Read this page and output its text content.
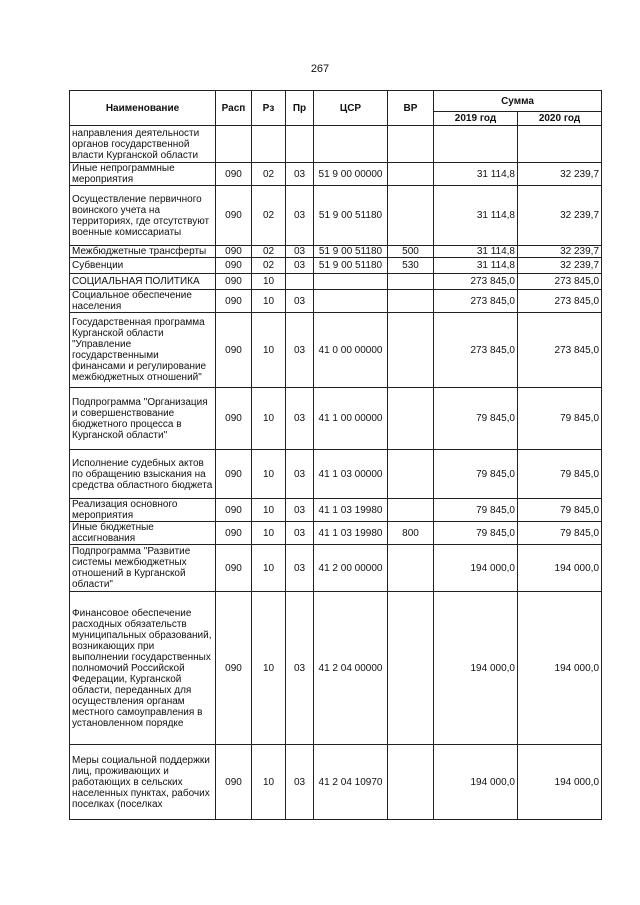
267
Наименование	Расп	Рз	Пр	ЦСР	ВР	Сумма	
						2019 год	2020 год
направления деятельности органов государственной власти Курганской области							
Иные непрограммные мероприятия	090	02	03	51 9 00 00000		31 114,8	32 239,7
Осуществление первичного воинского учета на территориях, где отсутствуют военные комиссариаты	090	02	03	51 9 00 51180		31 114,8	32 239,7
Межбюджетные трансферты	090	02	03	51 9 00 51180	500	31 114,8	32 239,7
Субвенции	090	02	03	51 9 00 51180	530	31 114,8	32 239,7
СОЦИАЛЬНАЯ ПОЛИТИКА	090	10				273 845,0	273 845,0
Социальное обеспечение населения	090	10	03			273 845,0	273 845,0
Государственная программа Курганской области "Управление государственными финансами и регулирование межбюджетных отношений"	090	10	03	41 0 00 00000		273 845,0	273 845,0
Подпрограмма "Организация и совершенствование бюджетного процесса в Курганской области"	090	10	03	41 1 00 00000		79 845,0	79 845,0
Исполнение судебных актов по обращению взыскания на средства областного бюджета	090	10	03	41 1 03 00000		79 845,0	79 845,0
Реализация основного мероприятия	090	10	03	41 1 03 19980		79 845,0	79 845,0
Иные бюджетные ассигнования	090	10	03	41 1 03 19980	800	79 845,0	79 845,0
Подпрограмма "Развитие системы межбюджетных отношений в Курганской области"	090	10	03	41 2 00 00000		194 000,0	194 000,0
Финансовое обеспечение расходных обязательств муниципальных образований, возникающих при выполнении государственных полномочий Российской Федерации, Курганской области, переданных для осуществления органам местного самоуправления в установленном порядке	090	10	03	41 2 04 00000		194 000,0	194 000,0
Меры социальной поддержки лиц, проживающих и работающих в сельских населенных пунктах, рабочих поселках (поселках	090	10	03	41 2 04 10970		194 000,0	194 000,0
